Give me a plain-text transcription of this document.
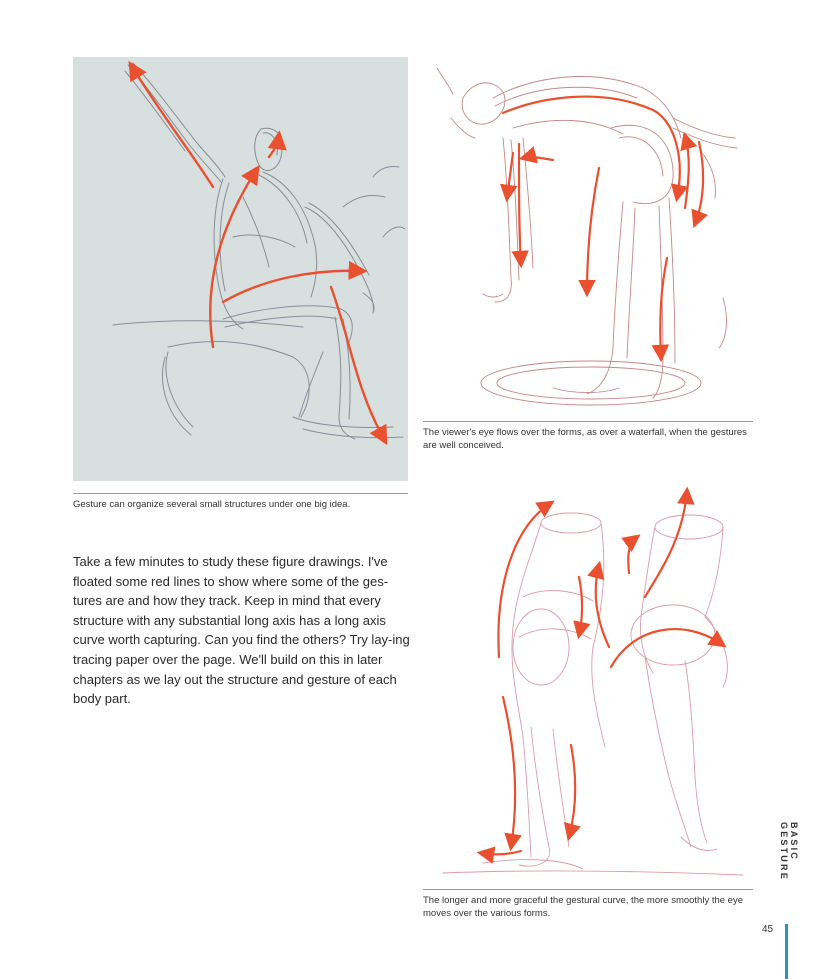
Gesture can organize several small structures under one big idea.
The viewer's eye flows over the forms, as over a waterfall, when the gestures are well conceived.
The longer and more graceful the gestural curve, the more smoothly the eye moves over the various forms.
Take a few minutes to study these figure drawings. I've floated some red lines to show where some of the ges-tures are and how they track. Keep in mind that every structure with any substantial long axis has a long axis curve worth capturing. Can you find the others? Try lay-ing tracing paper over the page. We'll build on this in later chapters as we lay out the structure and gesture of each body part.
BASIC GESTURE
45
